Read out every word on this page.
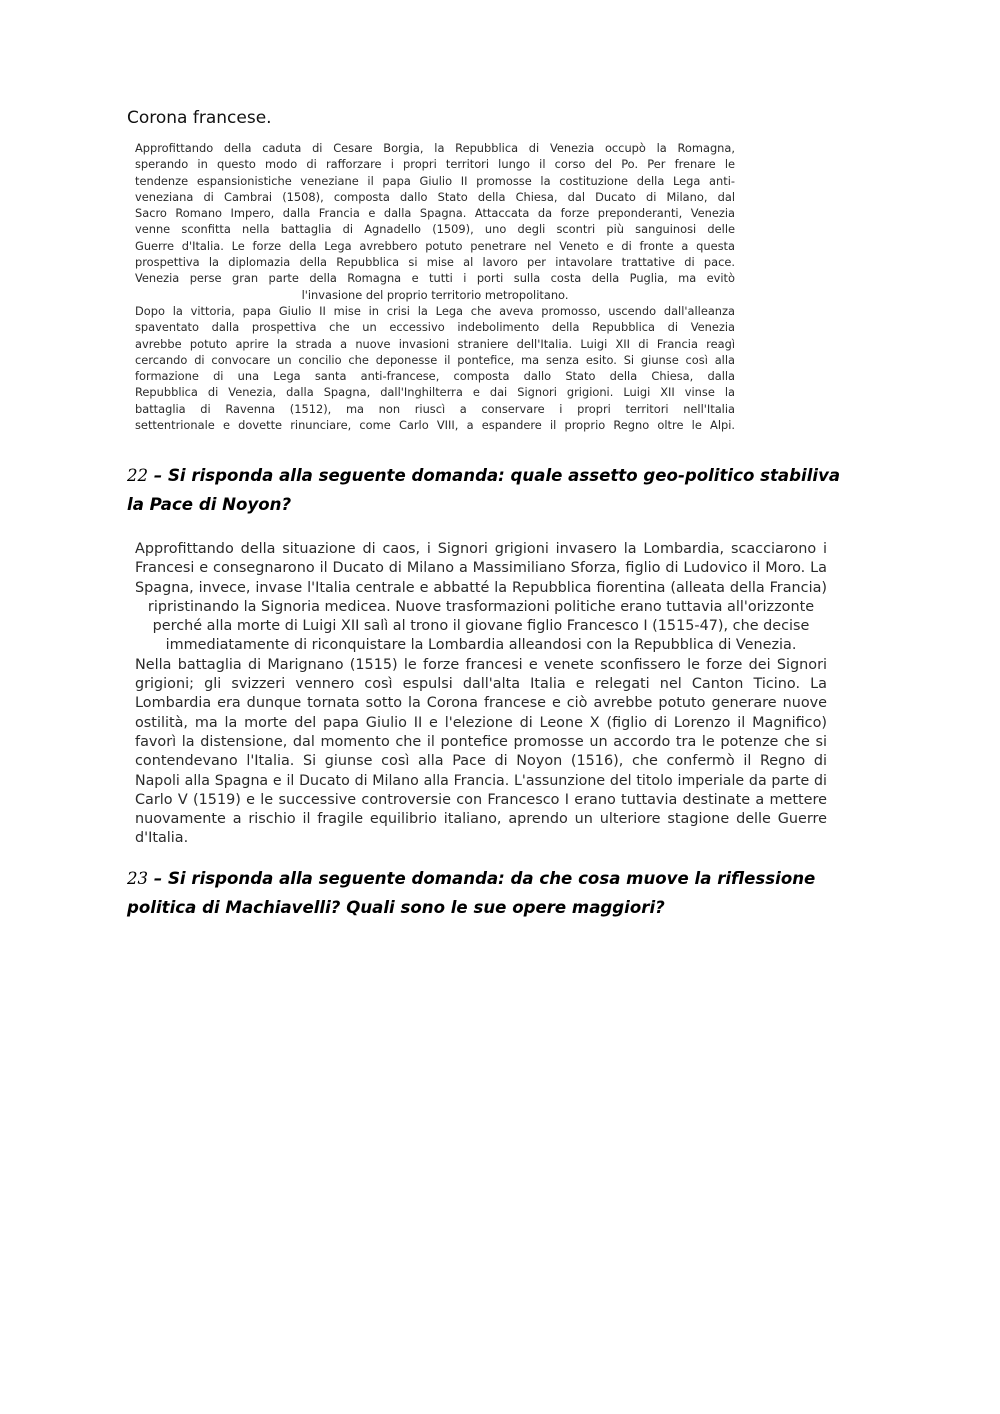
Corona francese.
Approfittando della caduta di Cesare Borgia, la Repubblica di Venezia occupò la Romagna,
sperando in questo modo di rafforzare i propri territori lungo il corso del Po. Per frenare le
tendenze espansionistiche veneziane il papa Giulio II promosse la costituzione della Lega anti-
veneziana di Cambrai (1508), composta dallo Stato della Chiesa, dal Ducato di Milano, dal
Sacro Romano Impero, dalla Francia e dalla Spagna. Attaccata da forze preponderanti, Venezia
venne sconfitta nella battaglia di Agnadello (1509), uno degli scontri più sanguinosi delle
Guerre d'Italia. Le forze della Lega avrebbero potuto penetrare nel Veneto e di fronte a questa
prospettiva la diplomazia della Repubblica si mise al lavoro per intavolare trattative di pace.
Venezia perse gran parte della Romagna e tutti i porti sulla costa della Puglia, ma evitò
l'invasione del proprio territorio metropolitano.
Dopo la vittoria, papa Giulio II mise in crisi la Lega che aveva promosso, uscendo dall'alleanza
spaventato dalla prospettiva che un eccessivo indebolimento della Repubblica di Venezia
avrebbe potuto aprire la strada a nuove invasioni straniere dell'Italia. Luigi XII di Francia reagì
cercando di convocare un concilio che deponesse il pontefice, ma senza esito. Si giunse così alla
formazione di una Lega santa anti-francese, composta dallo Stato della Chiesa, dalla
Repubblica di Venezia, dalla Spagna, dall'Inghilterra e dai Signori grigioni. Luigi XII vinse la
battaglia di Ravenna (1512), ma non riuscì a conservare i propri territori nell'Italia
settentrionale e dovette rinunciare, come Carlo VIII, a espandere il proprio Regno oltre le Alpi.
22 – Si risponda alla seguente domanda: quale assetto geo-politico stabiliva la Pace di Noyon?
Approfittando della situazione di caos, i Signori grigioni invasero la Lombardia, scacciarono i
Francesi e consegnarono il Ducato di Milano a Massimiliano Sforza, figlio di Ludovico il Moro. La
Spagna, invece, invase l'Italia centrale e abbatté la Repubblica fiorentina (alleata della Francia)
ripristinando la Signoria medicea. Nuove trasformazioni politiche erano tuttavia all'orizzonte
perché alla morte di Luigi XII salì al trono il giovane figlio Francesco I (1515-47), che decise
immediatamente di riconquistare la Lombardia alleandosi con la Repubblica di Venezia.
Nella battaglia di Marignano (1515) le forze francesi e venete sconfissero le forze dei Signori
grigioni; gli svizzeri vennero così espulsi dall'alta Italia e relegati nel Canton Ticino. La
Lombardia era dunque tornata sotto la Corona francese e ciò avrebbe potuto generare nuove
ostilità, ma la morte del papa Giulio II e l'elezione di Leone X (figlio di Lorenzo il Magnifico)
favorì la distensione, dal momento che il pontefice promosse un accordo tra le potenze che si
contendevano l'Italia. Si giunse così alla Pace di Noyon (1516), che confermò il Regno di
Napoli alla Spagna e il Ducato di Milano alla Francia. L'assunzione del titolo imperiale da parte di
Carlo V (1519) e le successive controversie con Francesco I erano tuttavia destinate a mettere
nuovamente a rischio il fragile equilibrio italiano, aprendo un ulteriore stagione delle Guerre
d'Italia.
23 – Si risponda alla seguente domanda: da che cosa muove la riflessione politica di Machiavelli? Quali sono le sue opere maggiori?
